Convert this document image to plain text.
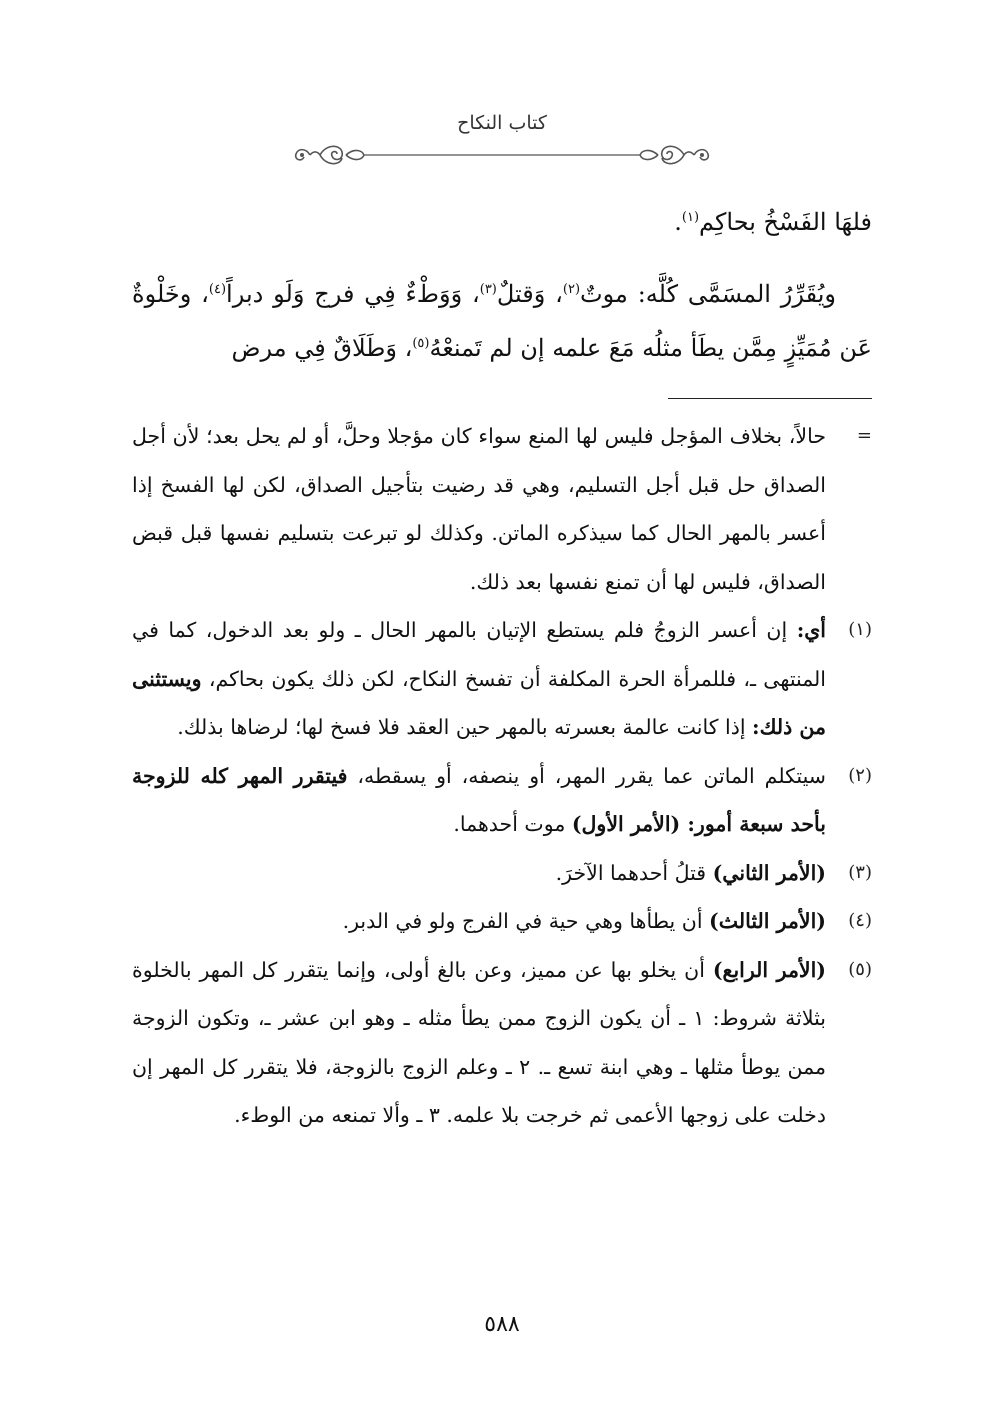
كتاب النكاح

فلهَا الفَسْخُ بحاكِم$^{(١)}$.

ويُقَرِّرُ المسَمَّى كُلَّه: موتٌ$^{(٢)}$، وَقتلٌ$^{(٣)}$، وَوَطْءٌ فِي فرج وَلَو دبراً$^{(٤)}$، وخَلْوةٌ عَن مُمَيِّزٍ مِمَّن يطَأ مثلُه مَعَ علمه إن لم تَمنعْهُ$^{(٥)}$، وَطَلَاقٌ فِي مرض

=
حالاً، بخلاف المؤجل فليس لها المنع سواء كان مؤجلا وحلَّ، أو لم يحل بعد؛ لأن أجل الصداق حل قبل أجل التسليم، وهي قد رضيت بتأجيل الصداق، لكن لها الفسخ إذا أعسر بالمهر الحال كما سيذكره الماتن. وكذلك لو تبرعت بتسليم نفسها قبل قبض الصداق، فليس لها أن تمنع نفسها بعد ذلك.

(١)
أي: إن أعسر الزوجُ فلم يستطع الإتيان بالمهر الحال ـ ولو بعد الدخول، كما في المنتهى ـ، فللمرأة الحرة المكلفة أن تفسخ النكاح، لكن ذلك يكون بحاكم، ويستثنى من ذلك: إذا كانت عالمة بعسرته بالمهر حين العقد فلا فسخ لها؛ لرضاها بذلك.

(٢)
سيتكلم الماتن عما يقرر المهر، أو ينصفه، أو يسقطه، فيتقرر المهر كله للزوجة بأحد سبعة أمور: (الأمر الأول) موت أحدهما.

(٣)
(الأمر الثاني) قتلُ أحدهما الآخرَ.

(٤)
(الأمر الثالث) أن يطأها وهي حية في الفرج ولو في الدبر.

(٥)
(الأمر الرابع) أن يخلو بها عن مميز، وعن بالغ أولى، وإنما يتقرر كل المهر بالخلوة بثلاثة شروط: ١ ـ أن يكون الزوج ممن يطأ مثله ـ وهو ابن عشر ـ، وتكون الزوجة ممن يوطأ مثلها ـ وهي ابنة تسع ـ. ٢ ـ وعلم الزوج بالزوجة، فلا يتقرر كل المهر إن دخلت على زوجها الأعمى ثم خرجت بلا علمه. ٣ ـ وألا تمنعه من الوطء.

٥٨٨
